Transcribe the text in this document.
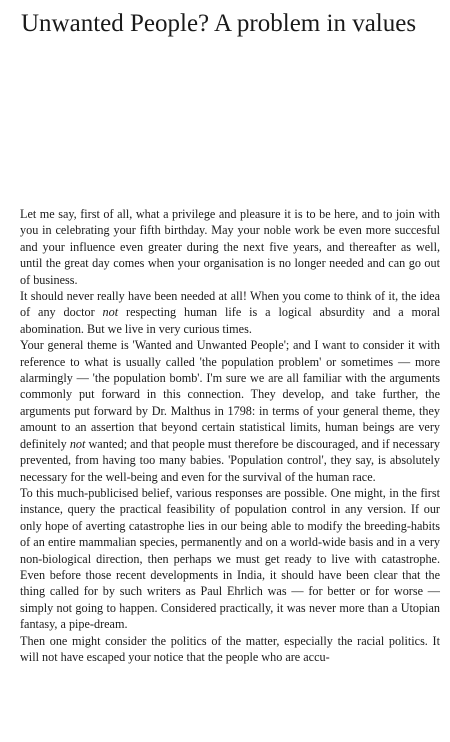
Unwanted People? A problem in values

Let me say, first of all, what a privilege and pleasure it is to be here, and to join with you in celebrating your fifth birthday. May your noble work be even more succesful and your influence even greater during the next five years, and thereafter as well, until the great day comes when your organisation is no longer needed and can go out of business.

It should never really have been needed at all! When you come to think of it, the idea of any doctor not respecting human life is a logical absurdity and a moral abomination. But we live in very curious times.

Your general theme is 'Wanted and Unwanted People'; and I want to consider it with reference to what is usually called 'the population problem' or sometimes — more alarmingly — 'the population bomb'. I'm sure we are all familiar with the arguments commonly put forward in this connection. They develop, and take further, the arguments put forward by Dr. Malthus in 1798: in terms of your general theme, they amount to an assertion that beyond certain statistical limits, human beings are very definitely not wanted; and that people must therefore be discouraged, and if necessary prevented, from having too many babies. 'Population control', they say, is absolutely necessary for the well-being and even for the survival of the human race.

To this much-publicised belief, various responses are possible. One might, in the first instance, query the practical feasibility of population control in any version. If our only hope of averting catastrophe lies in our being able to modify the breeding-habits of an entire mammalian species, permanently and on a world-wide basis and in a very non-biological direction, then perhaps we must get ready to live with catastrophe. Even before those recent developments in India, it should have been clear that the thing called for by such writers as Paul Ehrlich was — for better or for worse — simply not going to happen. Considered practically, it was never more than a Utopian fantasy, a pipe-dream.

Then one might consider the politics of the matter, especially the racial politics. It will not have escaped your notice that the people who are accu-
